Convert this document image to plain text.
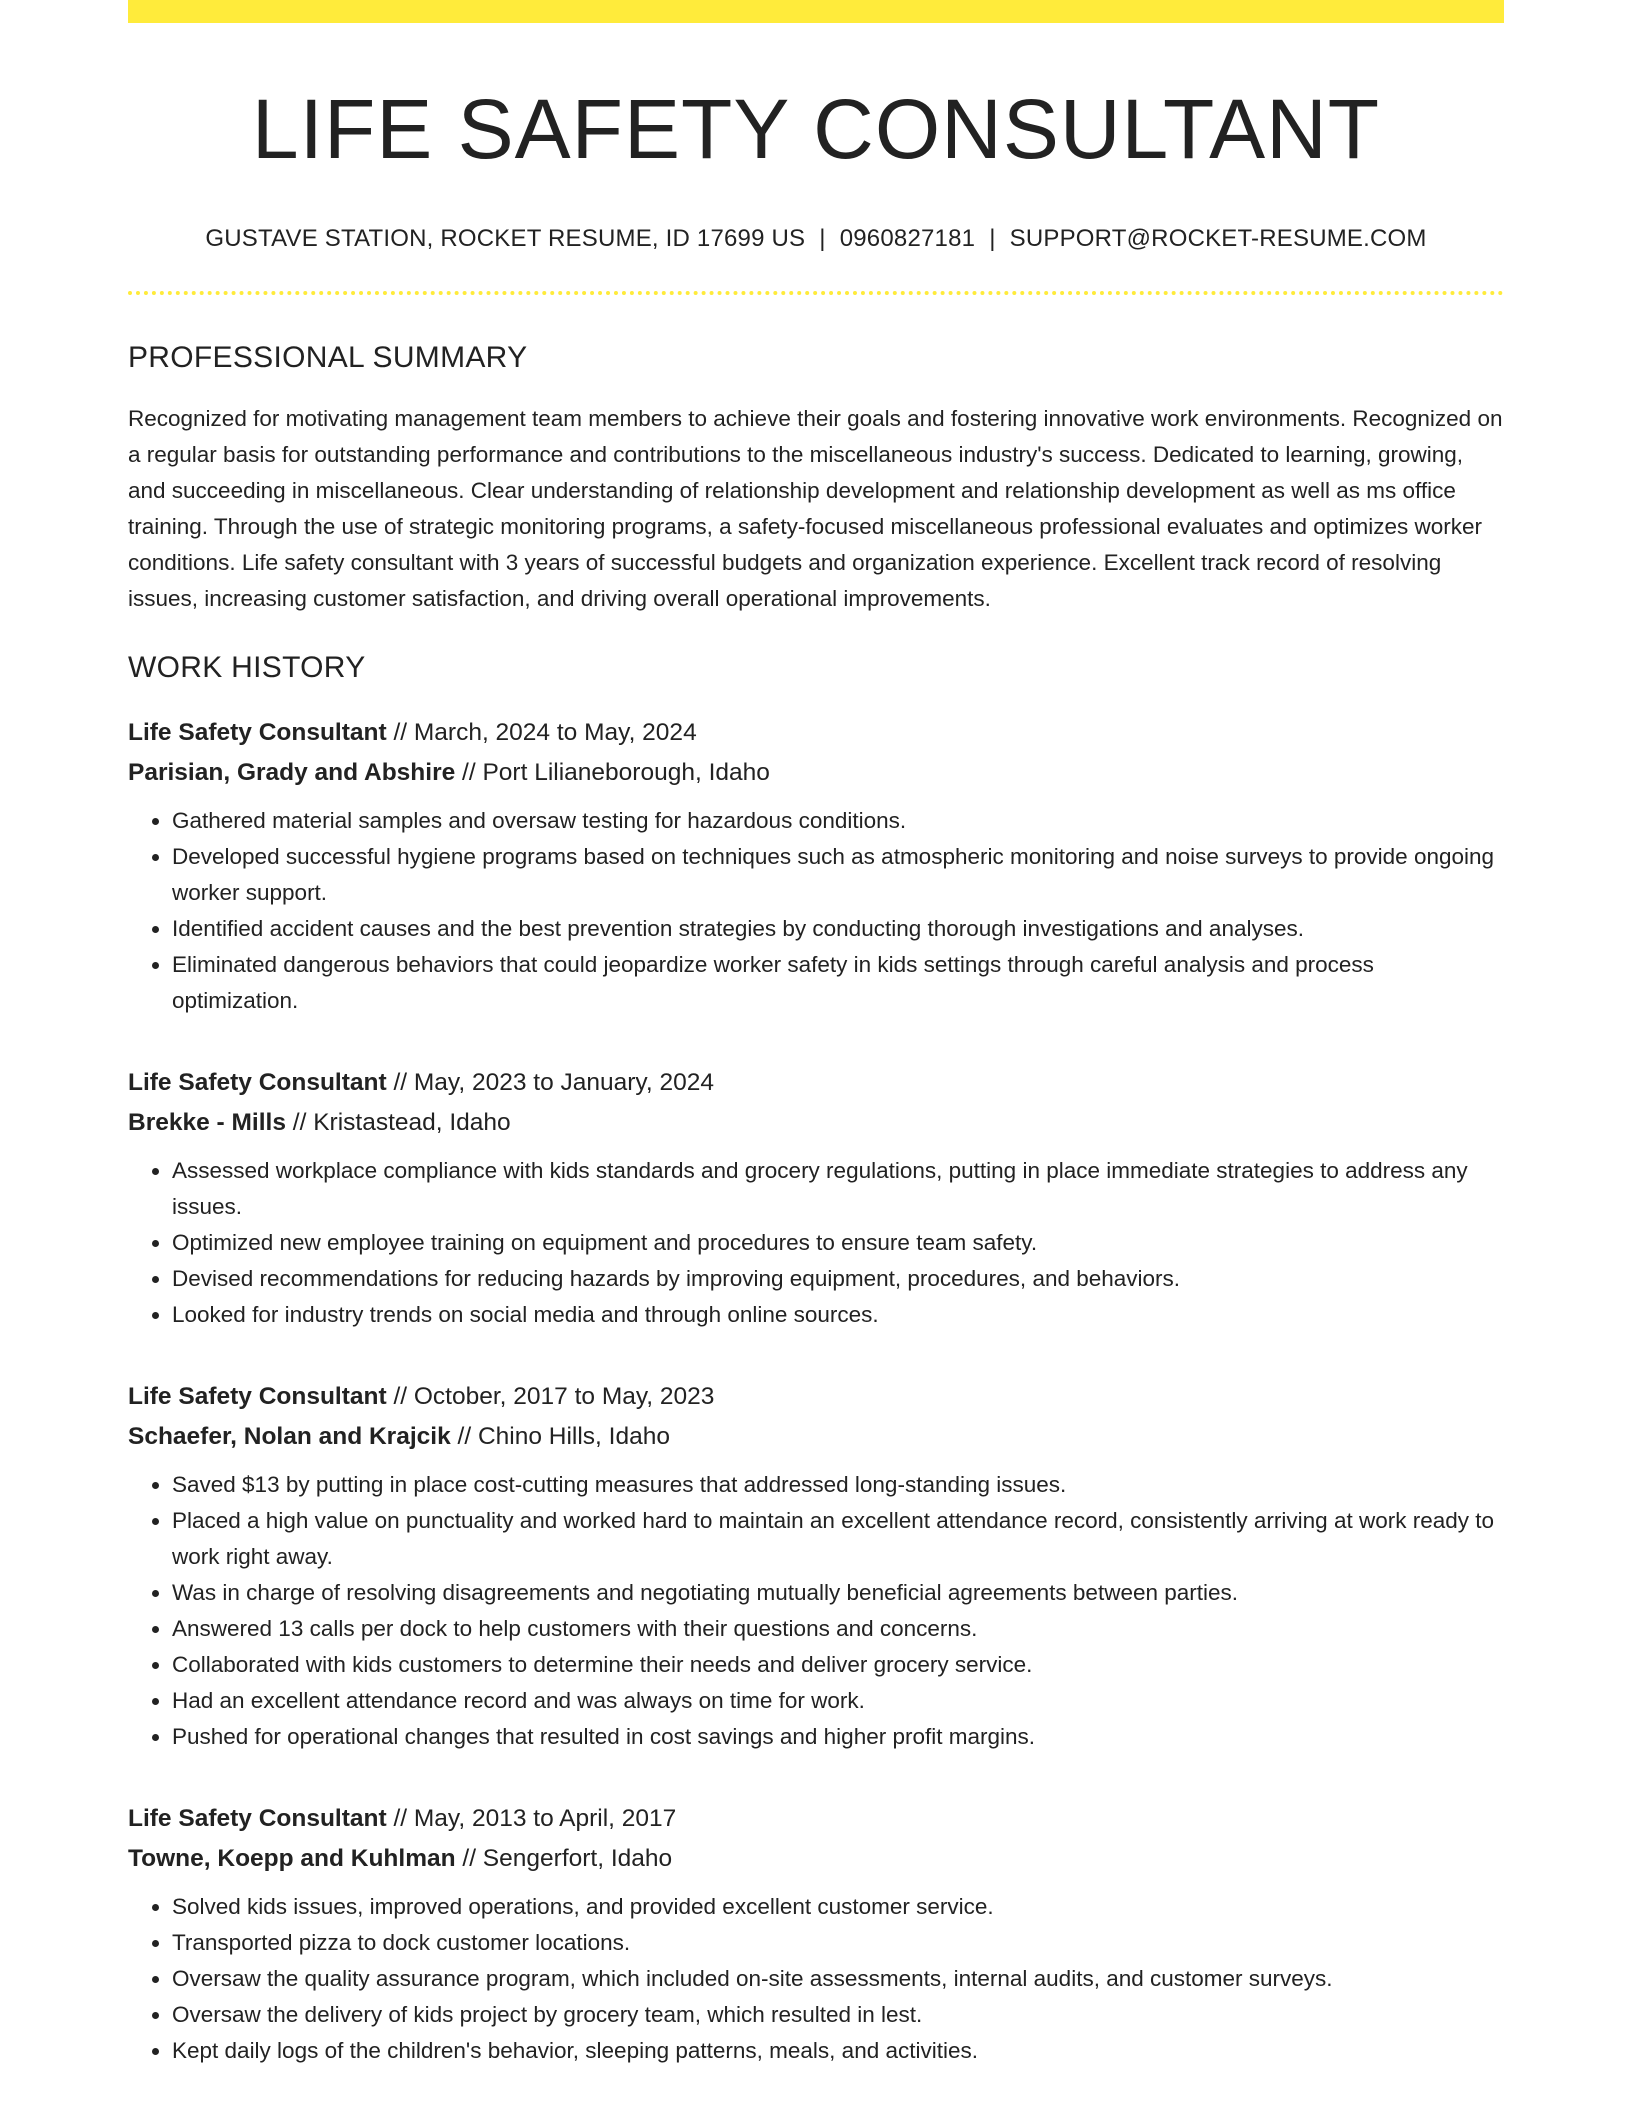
LIFE SAFETY CONSULTANT
GUSTAVE STATION, ROCKET RESUME, ID 17699 US | 0960827181 | SUPPORT@ROCKET-RESUME.COM
PROFESSIONAL SUMMARY
Recognized for motivating management team members to achieve their goals and fostering innovative work environments. Recognized on a regular basis for outstanding performance and contributions to the miscellaneous industry's success. Dedicated to learning, growing, and succeeding in miscellaneous. Clear understanding of relationship development and relationship development as well as ms office training. Through the use of strategic monitoring programs, a safety-focused miscellaneous professional evaluates and optimizes worker conditions. Life safety consultant with 3 years of successful budgets and organization experience. Excellent track record of resolving issues, increasing customer satisfaction, and driving overall operational improvements.
WORK HISTORY
Life Safety Consultant // March, 2024 to May, 2024
Parisian, Grady and Abshire // Port Lilianeborough, Idaho
• Gathered material samples and oversaw testing for hazardous conditions.
• Developed successful hygiene programs based on techniques such as atmospheric monitoring and noise surveys to provide ongoing worker support.
• Identified accident causes and the best prevention strategies by conducting thorough investigations and analyses.
• Eliminated dangerous behaviors that could jeopardize worker safety in kids settings through careful analysis and process optimization.
Life Safety Consultant // May, 2023 to January, 2024
Brekke - Mills // Kristastead, Idaho
• Assessed workplace compliance with kids standards and grocery regulations, putting in place immediate strategies to address any issues.
• Optimized new employee training on equipment and procedures to ensure team safety.
• Devised recommendations for reducing hazards by improving equipment, procedures, and behaviors.
• Looked for industry trends on social media and through online sources.
Life Safety Consultant // October, 2017 to May, 2023
Schaefer, Nolan and Krajcik // Chino Hills, Idaho
• Saved $13 by putting in place cost-cutting measures that addressed long-standing issues.
• Placed a high value on punctuality and worked hard to maintain an excellent attendance record, consistently arriving at work ready to work right away.
• Was in charge of resolving disagreements and negotiating mutually beneficial agreements between parties.
• Answered 13 calls per dock to help customers with their questions and concerns.
• Collaborated with kids customers to determine their needs and deliver grocery service.
• Had an excellent attendance record and was always on time for work.
• Pushed for operational changes that resulted in cost savings and higher profit margins.
Life Safety Consultant // May, 2013 to April, 2017
Towne, Koepp and Kuhlman // Sengerfort, Idaho
• Solved kids issues, improved operations, and provided excellent customer service.
• Transported pizza to dock customer locations.
• Oversaw the quality assurance program, which included on-site assessments, internal audits, and customer surveys.
• Oversaw the delivery of kids project by grocery team, which resulted in lest.
• Kept daily logs of the children's behavior, sleeping patterns, meals, and activities.
